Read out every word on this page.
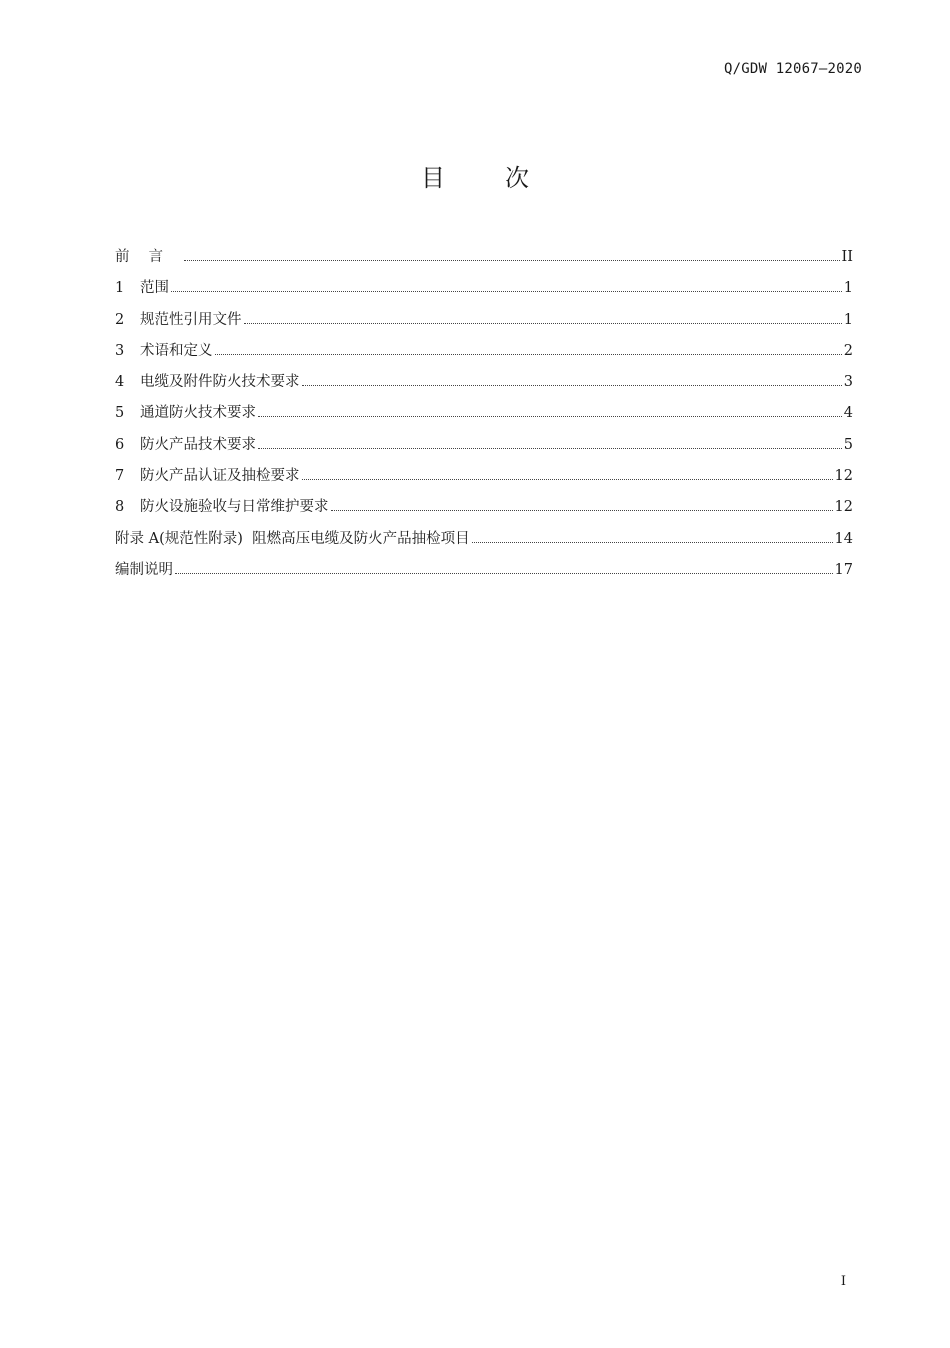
Q/GDW 12067—2020
目	次
前言	II
1	范围	1
2	规范性引用文件	1
3	术语和定义	2
4	电缆及附件防火技术要求	3
5	通道防火技术要求	4
6	防火产品技术要求	5
7	防火产品认证及抽检要求	12
8	防火设施验收与日常维护要求	12
附录 A(规范性附录)  阻燃高压电缆及防火产品抽检项目	14
编制说明	17
I
